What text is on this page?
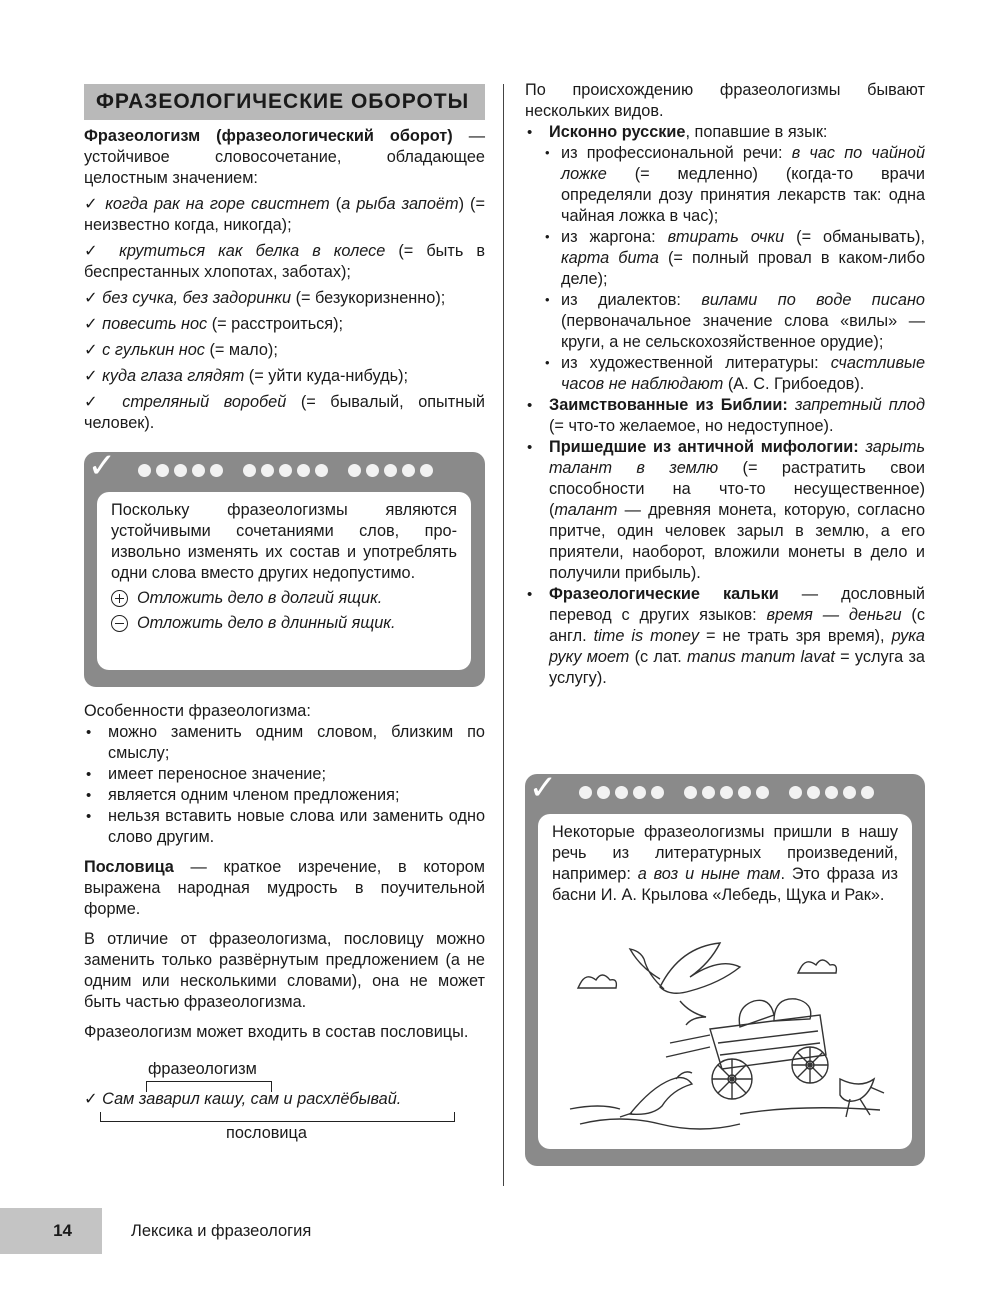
ФРАЗЕОЛОГИЧЕСКИЕ ОБОРОТЫ

Фразеологизм (фразеологический оборот) — устойчивое словосочетание, обладающее целостным значением:

✓ когда рак на горе свистнет (а рыба запоёт) (= неизвестно когда, никогда);

✓ крутиться как белка в колесе (= быть в беспрестанных хлопотах, заботах);

✓ без сучка, без задоринки (= безукоризненно);

✓ повесить нос (= расстроиться);

✓ с гулькин нос (= мало);

✓ куда глаза глядят (= уйти куда-нибудь);

✓ стреляный воробей (= бывалый, опытный человек).

✓

Поскольку фразеологизмы являются устойчивыми сочетаниями слов, произвольно изменять их состав и употреблять одни слова вместо других недопустимо.

Отложить дело в долгий ящик.
Отложить дело в длинный ящик.

Особенности фразеологизма:

• можно заменить одним словом, близким по смыслу;
• имеет переносное значение;
• является одним членом предложения;
• нельзя вставить новые слова или заменить одно слово другим.

Пословица — краткое изречение, в котором выражена народная мудрость в поучительной форме.

В отличие от фразеологизма, пословицу можно заменить только развёрнутым предложением (а не одним или несколькими словами), она не может быть частью фразеологизма.

Фразеологизм может входить в состав пословицы.

фразеологизм
✓ Сам заварил кашу, сам и расхлёбывай.
пословица

По происхождению фразеологизмы бывают нескольких видов.

• Исконно русские, попавшие в язык:
• из профессиональной речи: в час по чайной ложке (= медленно) (когда-то врачи определяли дозу принятия лекарств так: одна чайная ложка в час);
• из жаргона: втирать очки (= обманывать), карта бита (= полный провал в каком-либо деле);
• из диалектов: вилами по воде писано (первоначальное значение слова «вилы» — круги, а не сельскохозяйственное орудие);
• из художественной литературы: счастливые часов не наблюдают (А. С. Грибоедов).
• Заимствованные из Библии: запретный плод (= что-то желаемое, но недоступное).
• Пришедшие из античной мифологии: зарыть талант в землю (= растратить свои способности на что-то несущественное) (талант — древняя монета, которую, согласно притче, один человек зарыл в землю, а его приятели, наоборот, вложили монеты в дело и получили прибыль).
• Фразеологические кальки — дословный перевод с других языков: время — деньги (с англ. time is money = не трать зря время), рука руку моет (с лат. manus manum lavat = услуга за услугу).
✓

Некоторые фразеологизмы пришли в нашу речь из литературных произведений, например: а воз и ныне там. Это фраза из басни И. А. Крылова «Лебедь, Щука и Рак».

14	Лексика и фразеология
